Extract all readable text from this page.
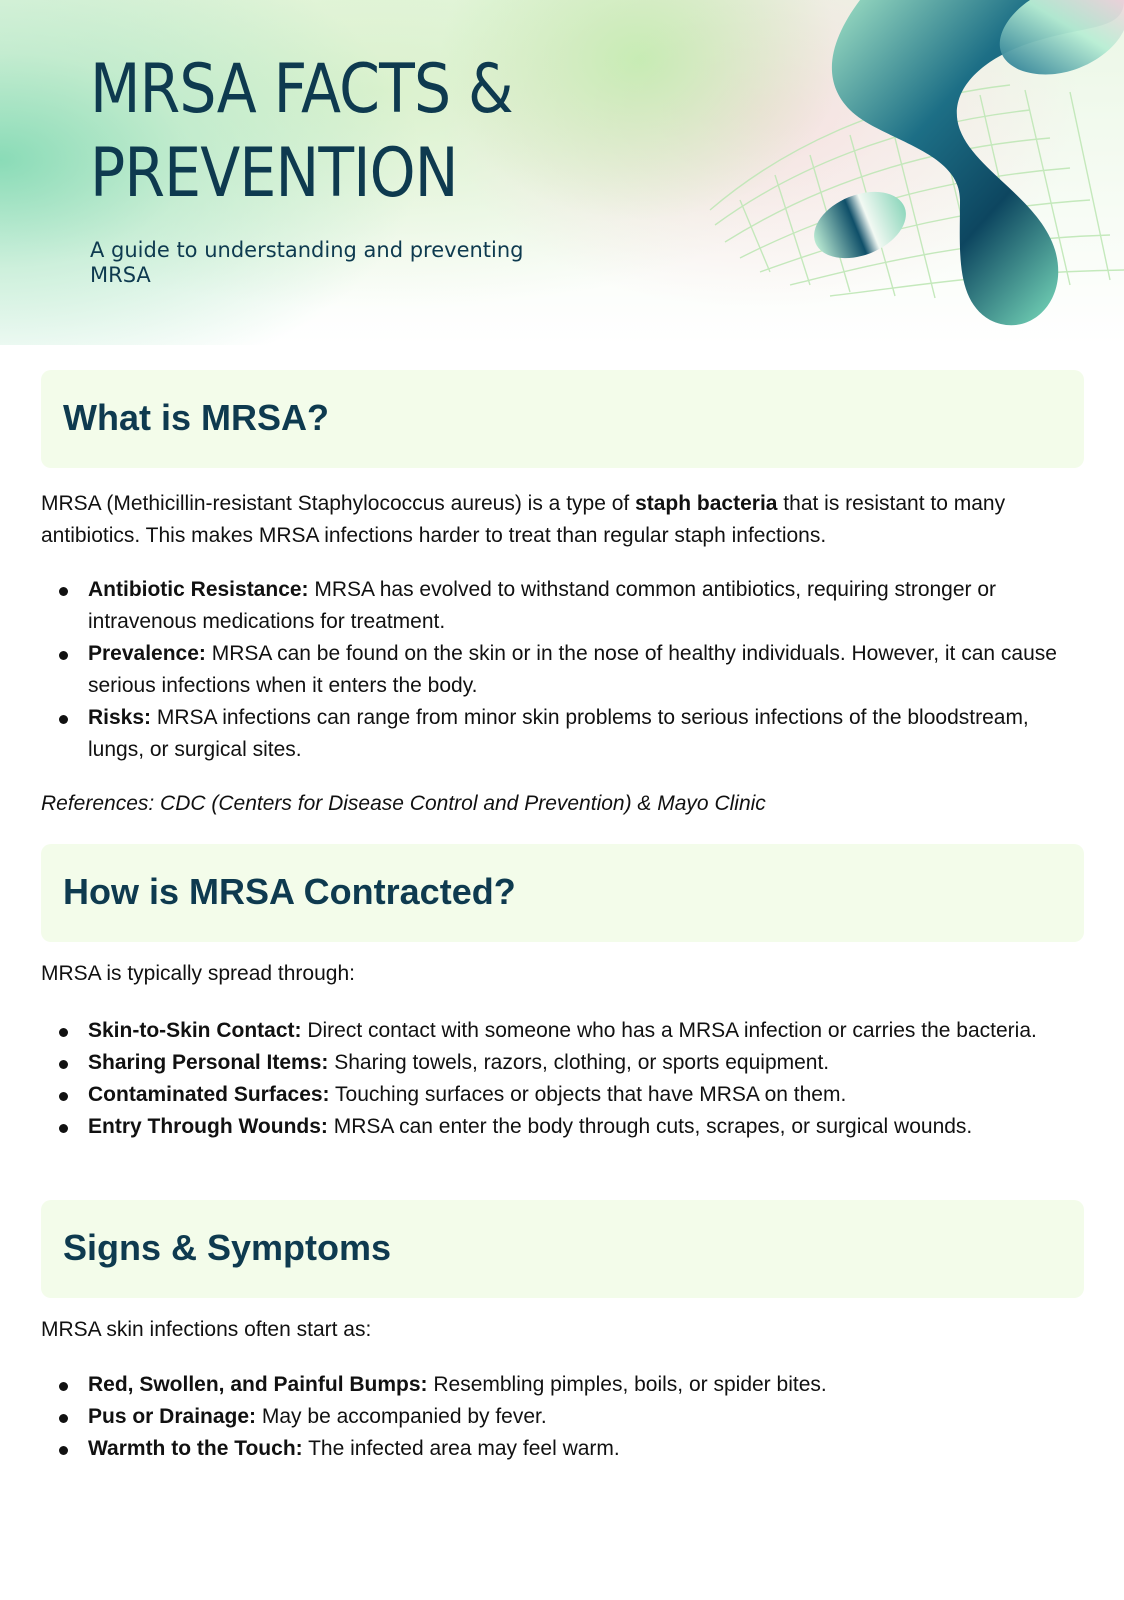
MRSA FACTS &
PREVENTION

A guide to understanding and preventing
MRSA

What is MRSA?

MRSA (Methicillin-resistant Staphylococcus aureus) is a type of staph bacteria that is resistant to many antibiotics. This makes MRSA infections harder to treat than regular staph infections.

Antibiotic Resistance: MRSA has evolved to withstand common antibiotics, requiring stronger or intravenous medications for treatment.
Prevalence: MRSA can be found on the skin or in the nose of healthy individuals. However, it can cause serious infections when it enters the body.
Risks: MRSA infections can range from minor skin problems to serious infections of the bloodstream, lungs, or surgical sites.

References: CDC (Centers for Disease Control and Prevention) & Mayo Clinic

How is MRSA Contracted?

MRSA is typically spread through:

Skin-to-Skin Contact: Direct contact with someone who has a MRSA infection or carries the bacteria.
Sharing Personal Items: Sharing towels, razors, clothing, or sports equipment.
Contaminated Surfaces: Touching surfaces or objects that have MRSA on them.
Entry Through Wounds: MRSA can enter the body through cuts, scrapes, or surgical wounds.
Signs & Symptoms

MRSA skin infections often start as:

Red, Swollen, and Painful Bumps: Resembling pimples, boils, or spider bites.
Pus or Drainage: May be accompanied by fever.
Warmth to the Touch: The infected area may feel warm.
